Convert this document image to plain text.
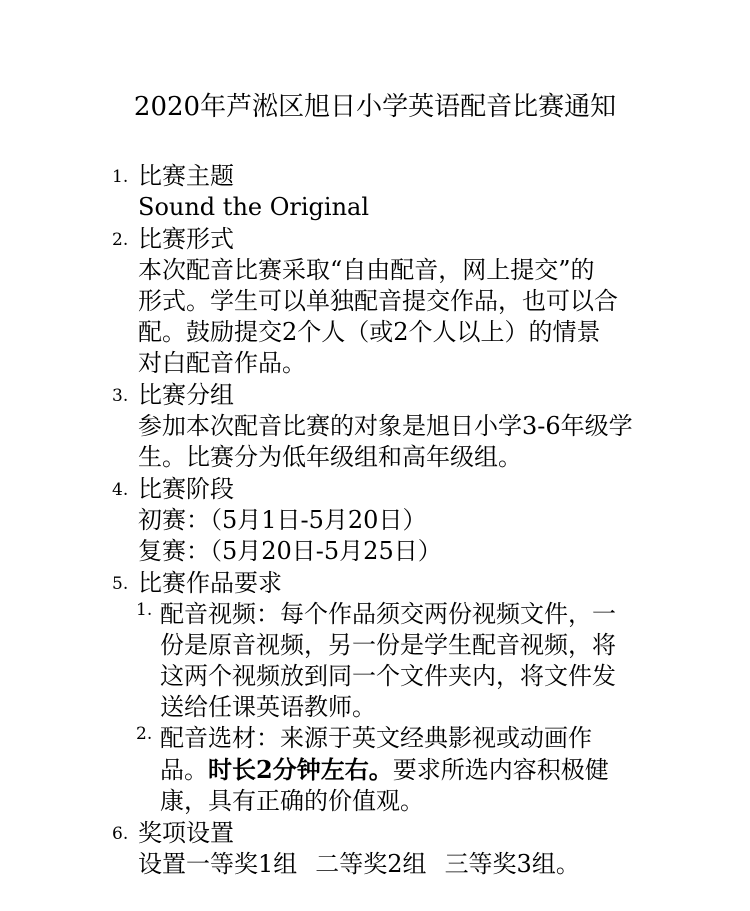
2020年芦淞区旭日小学英语配音比赛通知
1. 比赛主题

Sound the Original

2. 比赛形式

本次配音比赛采取“自由配音，网上提交”的形式。学生可以单独配音提交作品，也可以合配。鼓励提交2个人（或2个人以上）的情景对白配音作品。

3. 比赛分组

参加本次配音比赛的对象是旭日小学3-6年级学生。比赛分为低年级组和高年级组。

4. 比赛阶段

初赛：（5月1日-5月20日）

复赛：（5月20日-5月25日）

5. 比赛作品要求
1. 配音视频：每个作品须交两份视频文件，一份是原音视频，另一份是学生配音视频，将这两个视频放到同一个文件夹内，将文件发送给任课英语教师。

2. 配音选材：来源于英文经典影视或动画作品。时长2分钟左右。要求所选内容积极健康，具有正确的价值观。

6. 奖项设置

设置一等奖1组 二等奖2组 三等奖3组。
